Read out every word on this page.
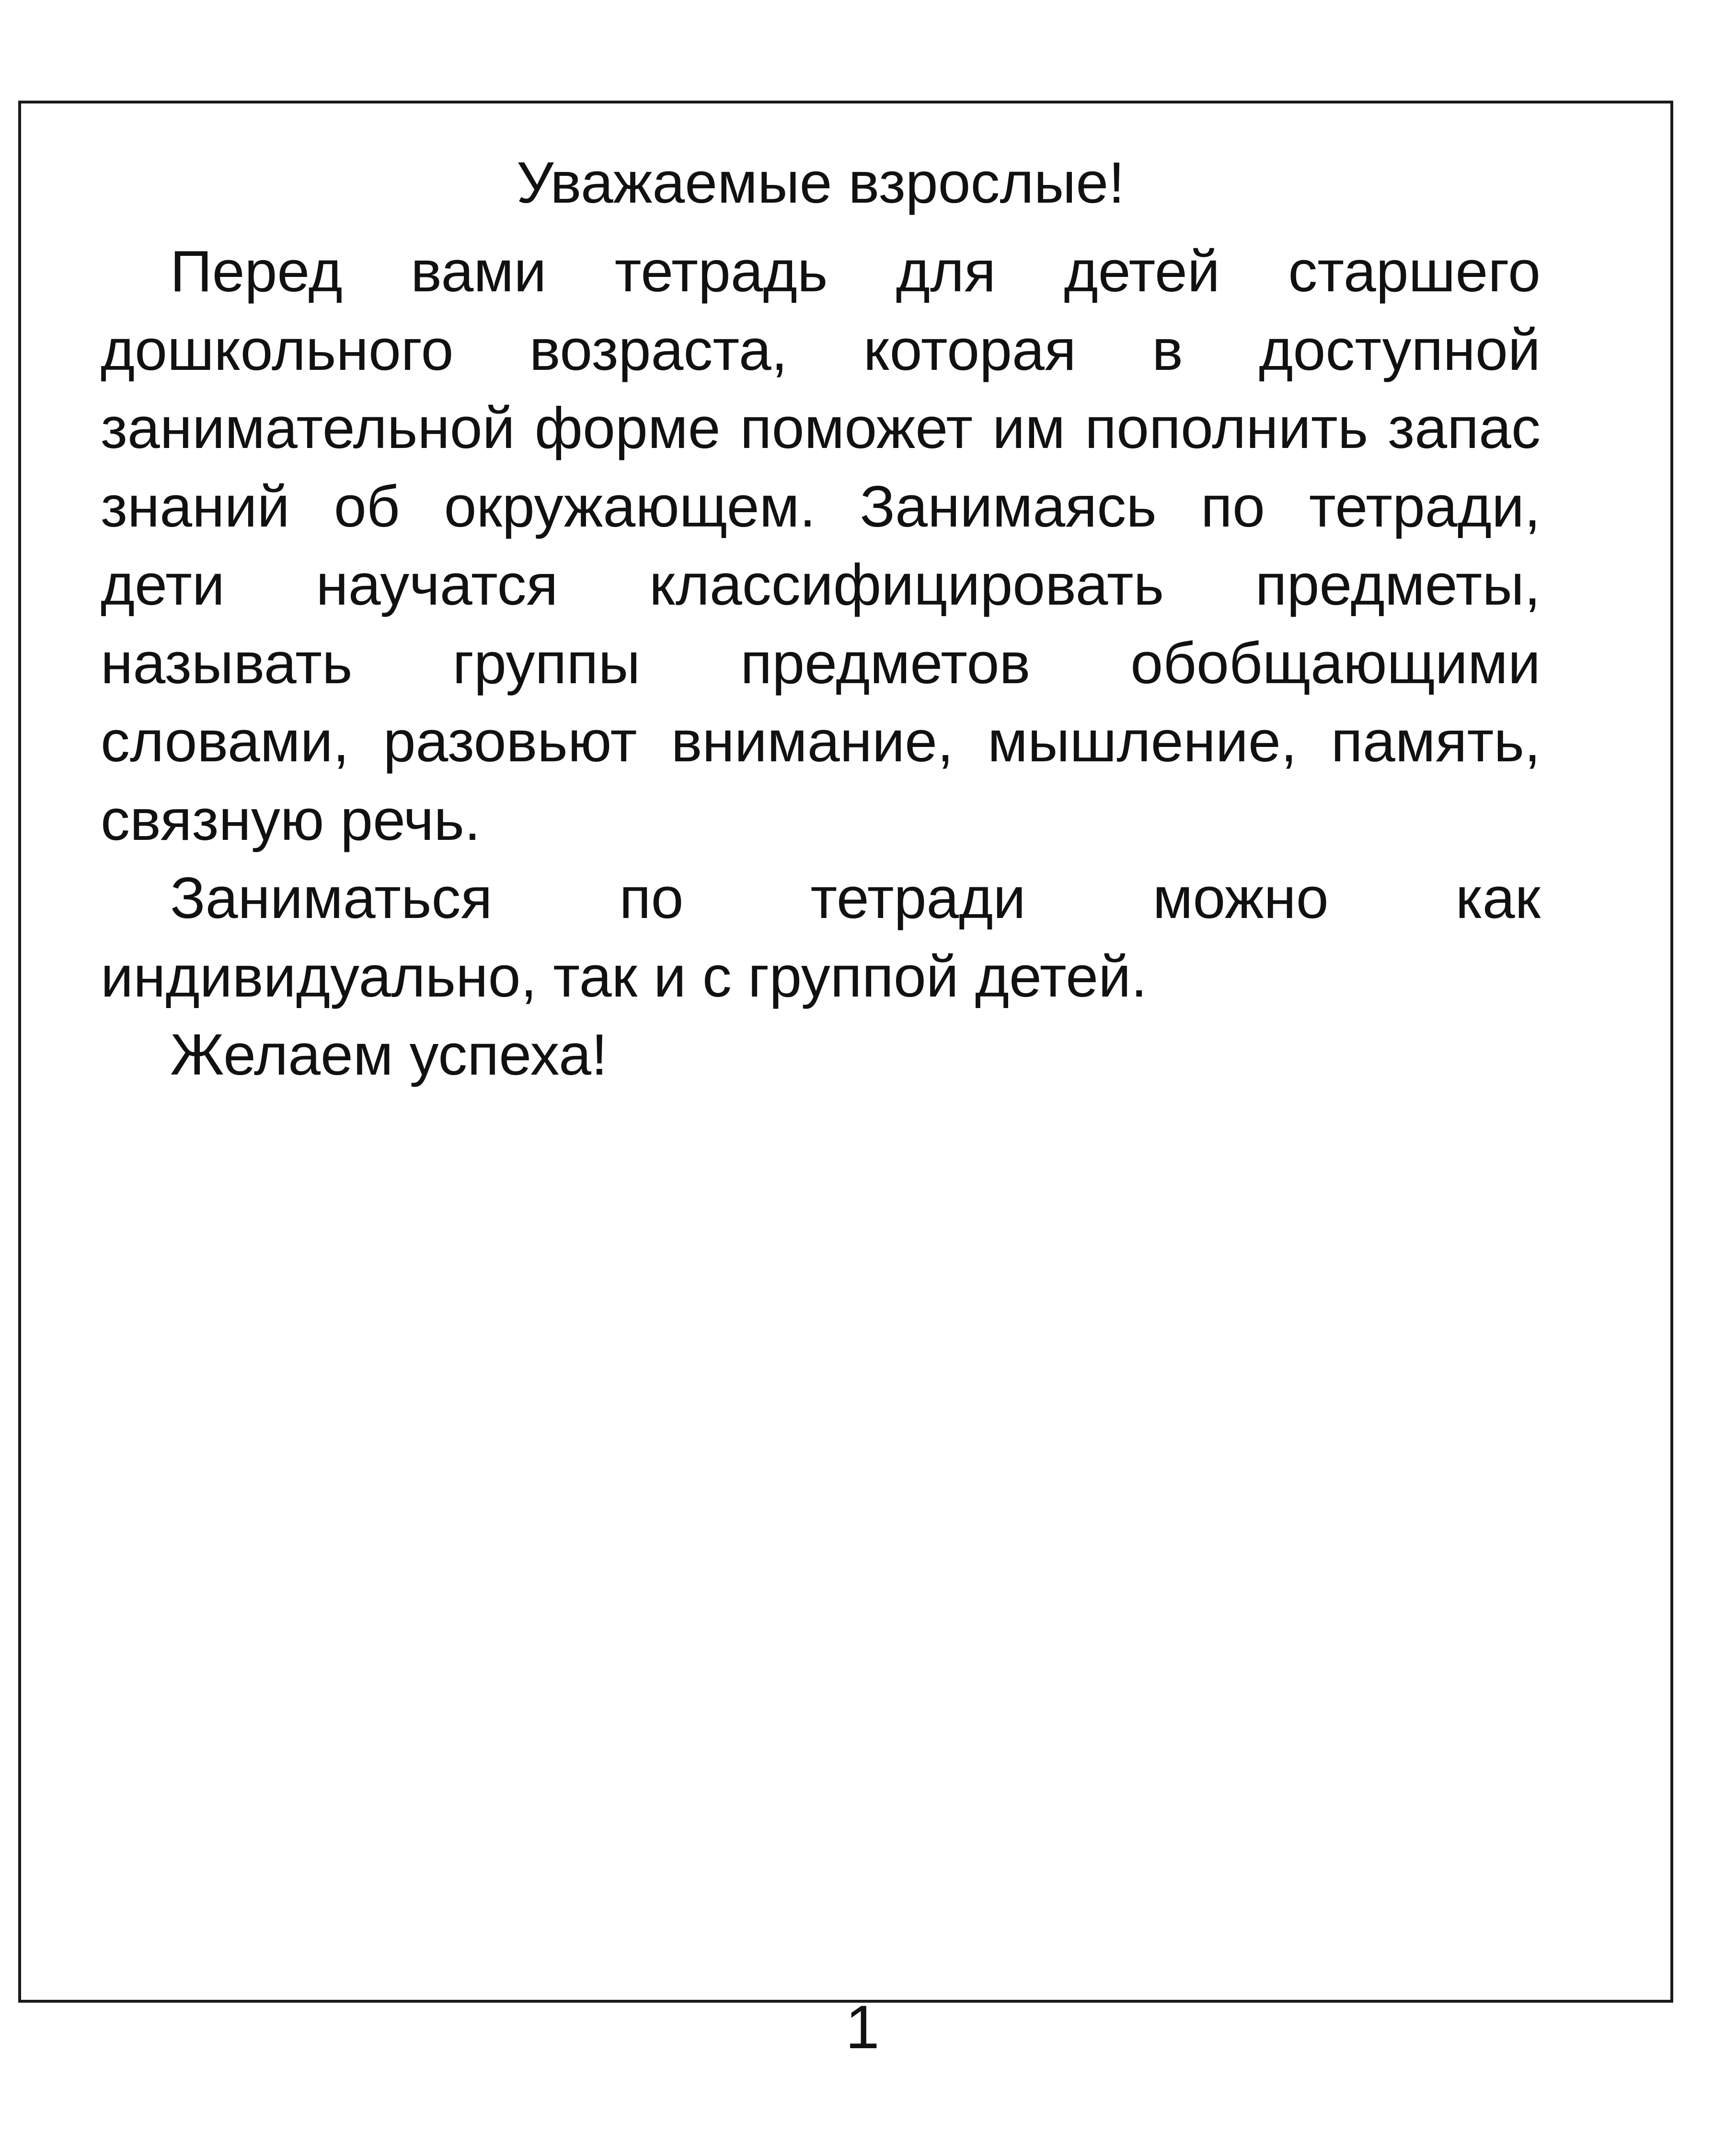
Уважаемые взрослые!

Перед вами тетрадь для детей старшего дошкольного возраста, которая в доступной занимательной форме поможет им пополнить запас знаний об окружающем. Занимаясь по тетради, дети научатся классифицировать предметы, называть группы предметов обобщающими словами, разовьют внимание, мышление, память, связную речь.

Заниматься по тетради можно как индивидуально, так и с группой детей.

Желаем успеха!

1
